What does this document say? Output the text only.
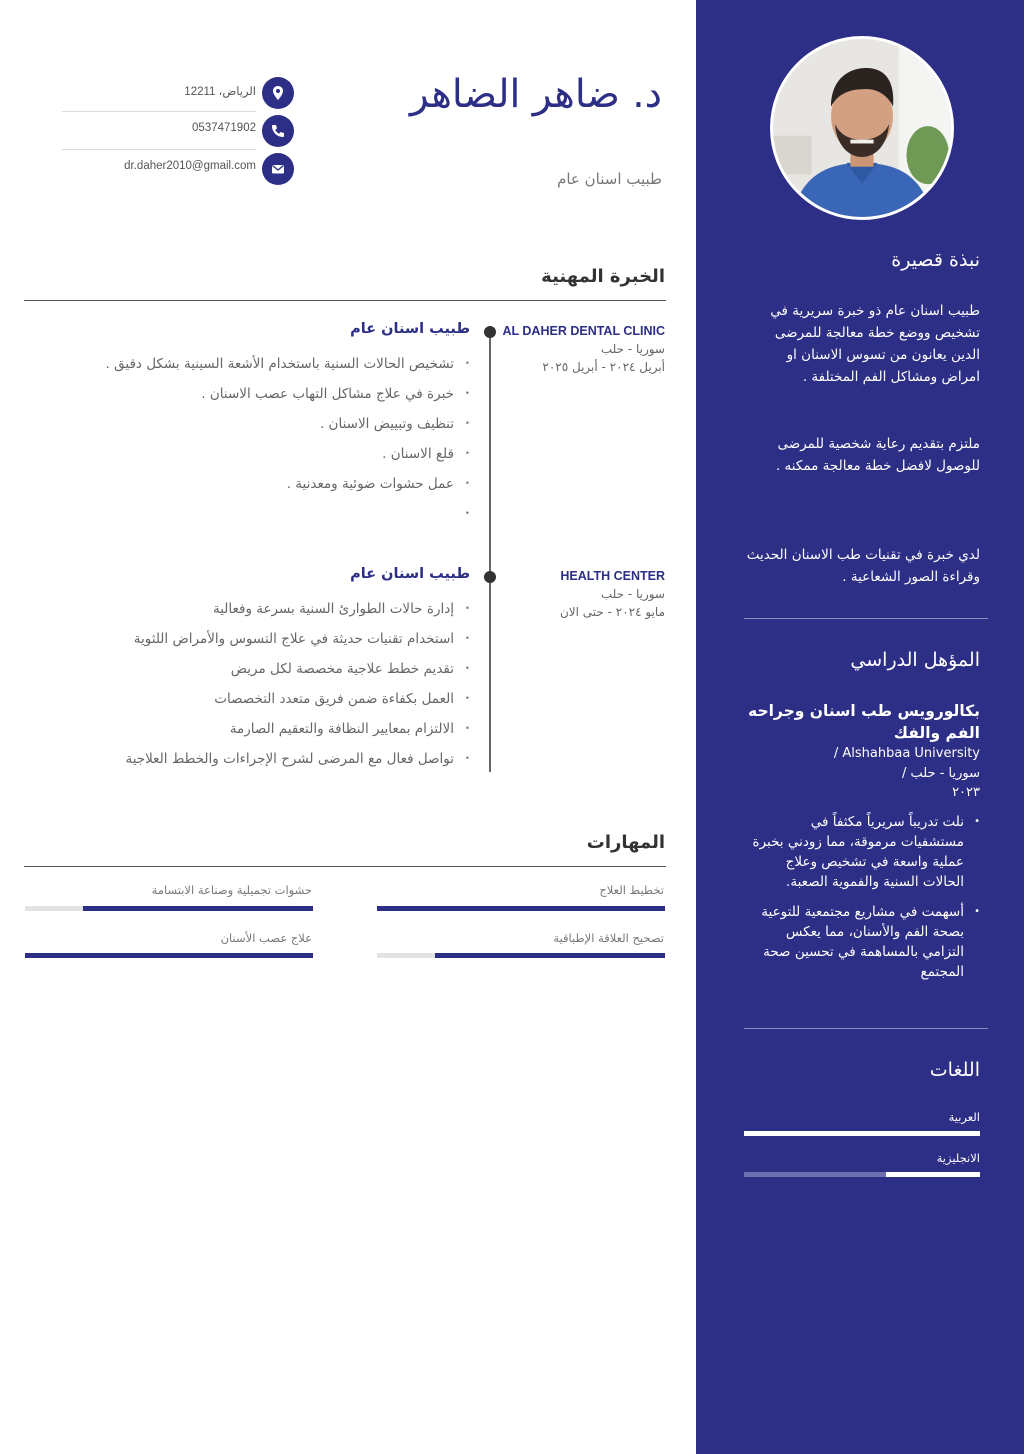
نبذة قصيرة

طبيب اسنان عام ذو خبرة سريرية في تشخيص ووضع خطة معالجة للمرضى الدين يعانون من تسوس الاسنان او امراض ومشاكل الفم المختلفة .

ملتزم بتقديم رعاية شخصية للمرضى للوصول لافضل خطة معالجة ممكنه .

لدي خبرة في تقنيات طب الاسنان الحديث وقراءة الصور الشعاعية .

المؤهل الدراسي
بكالورويس طب اسنان وجراحه الفم والفك
/ Alshahbaa University
سوريا - حلب /
٢٠٢٣
• نلت تدريباً سريرياً مكثفاً في مستشفيات مرموقة، مما زودني بخبرة عملية واسعة في تشخيص وعلاج الحالات السنية والفموية الصعبة.
• أسهمت في مشاريع مجتمعية للتوعية بصحة الفم والأسنان، مما يعكس التزامي بالمساهمة في تحسين صحة المجتمع
اللغات
العربية
الانجليزية
د. ضاهر الضاهر
طبيب اسنان عام
الرياض، 12211
0537471902
dr.daher2010@gmail.com
الخبرة المهنية
AL DAHER DENTAL CLINIC
سوريا - حلب
أبريل ٢٠٢٤ - أبريل ٢٠٢٥
طبيب اسنان عام
• تشخيص الحالات السنية باستخدام الأشعة السينية بشكل دقيق .
• خبرة في علاج مشاكل التهاب عصب الاسنان .
• تنظيف وتبييض الاسنان .
• قلع الاسنان .
• عمل حشوات ضوئية ومعدنية .
•
HEALTH CENTER
سوريا - حلب
مايو ٢٠٢٤ - حتى الان
طبيب اسنان عام
• إدارة حالات الطوارئ السنية بسرعة وفعالية
• استخدام تقنيات حديثة في علاج التسوس والأمراض اللثوية
• تقديم خطط علاجية مخصصة لكل مريض
• العمل بكفاءة ضمن فريق متعدد التخصصات
• الالتزام بمعايير النظافة والتعقيم الصارمة
• تواصل فعال مع المرضى لشرح الإجراءات والخطط العلاجية
المهارات
تخطيط العلاج
حشوات تجميلية وصناعة الابتسامة
تصحيح العلاقة الإطباقية
علاج عصب الأسنان
